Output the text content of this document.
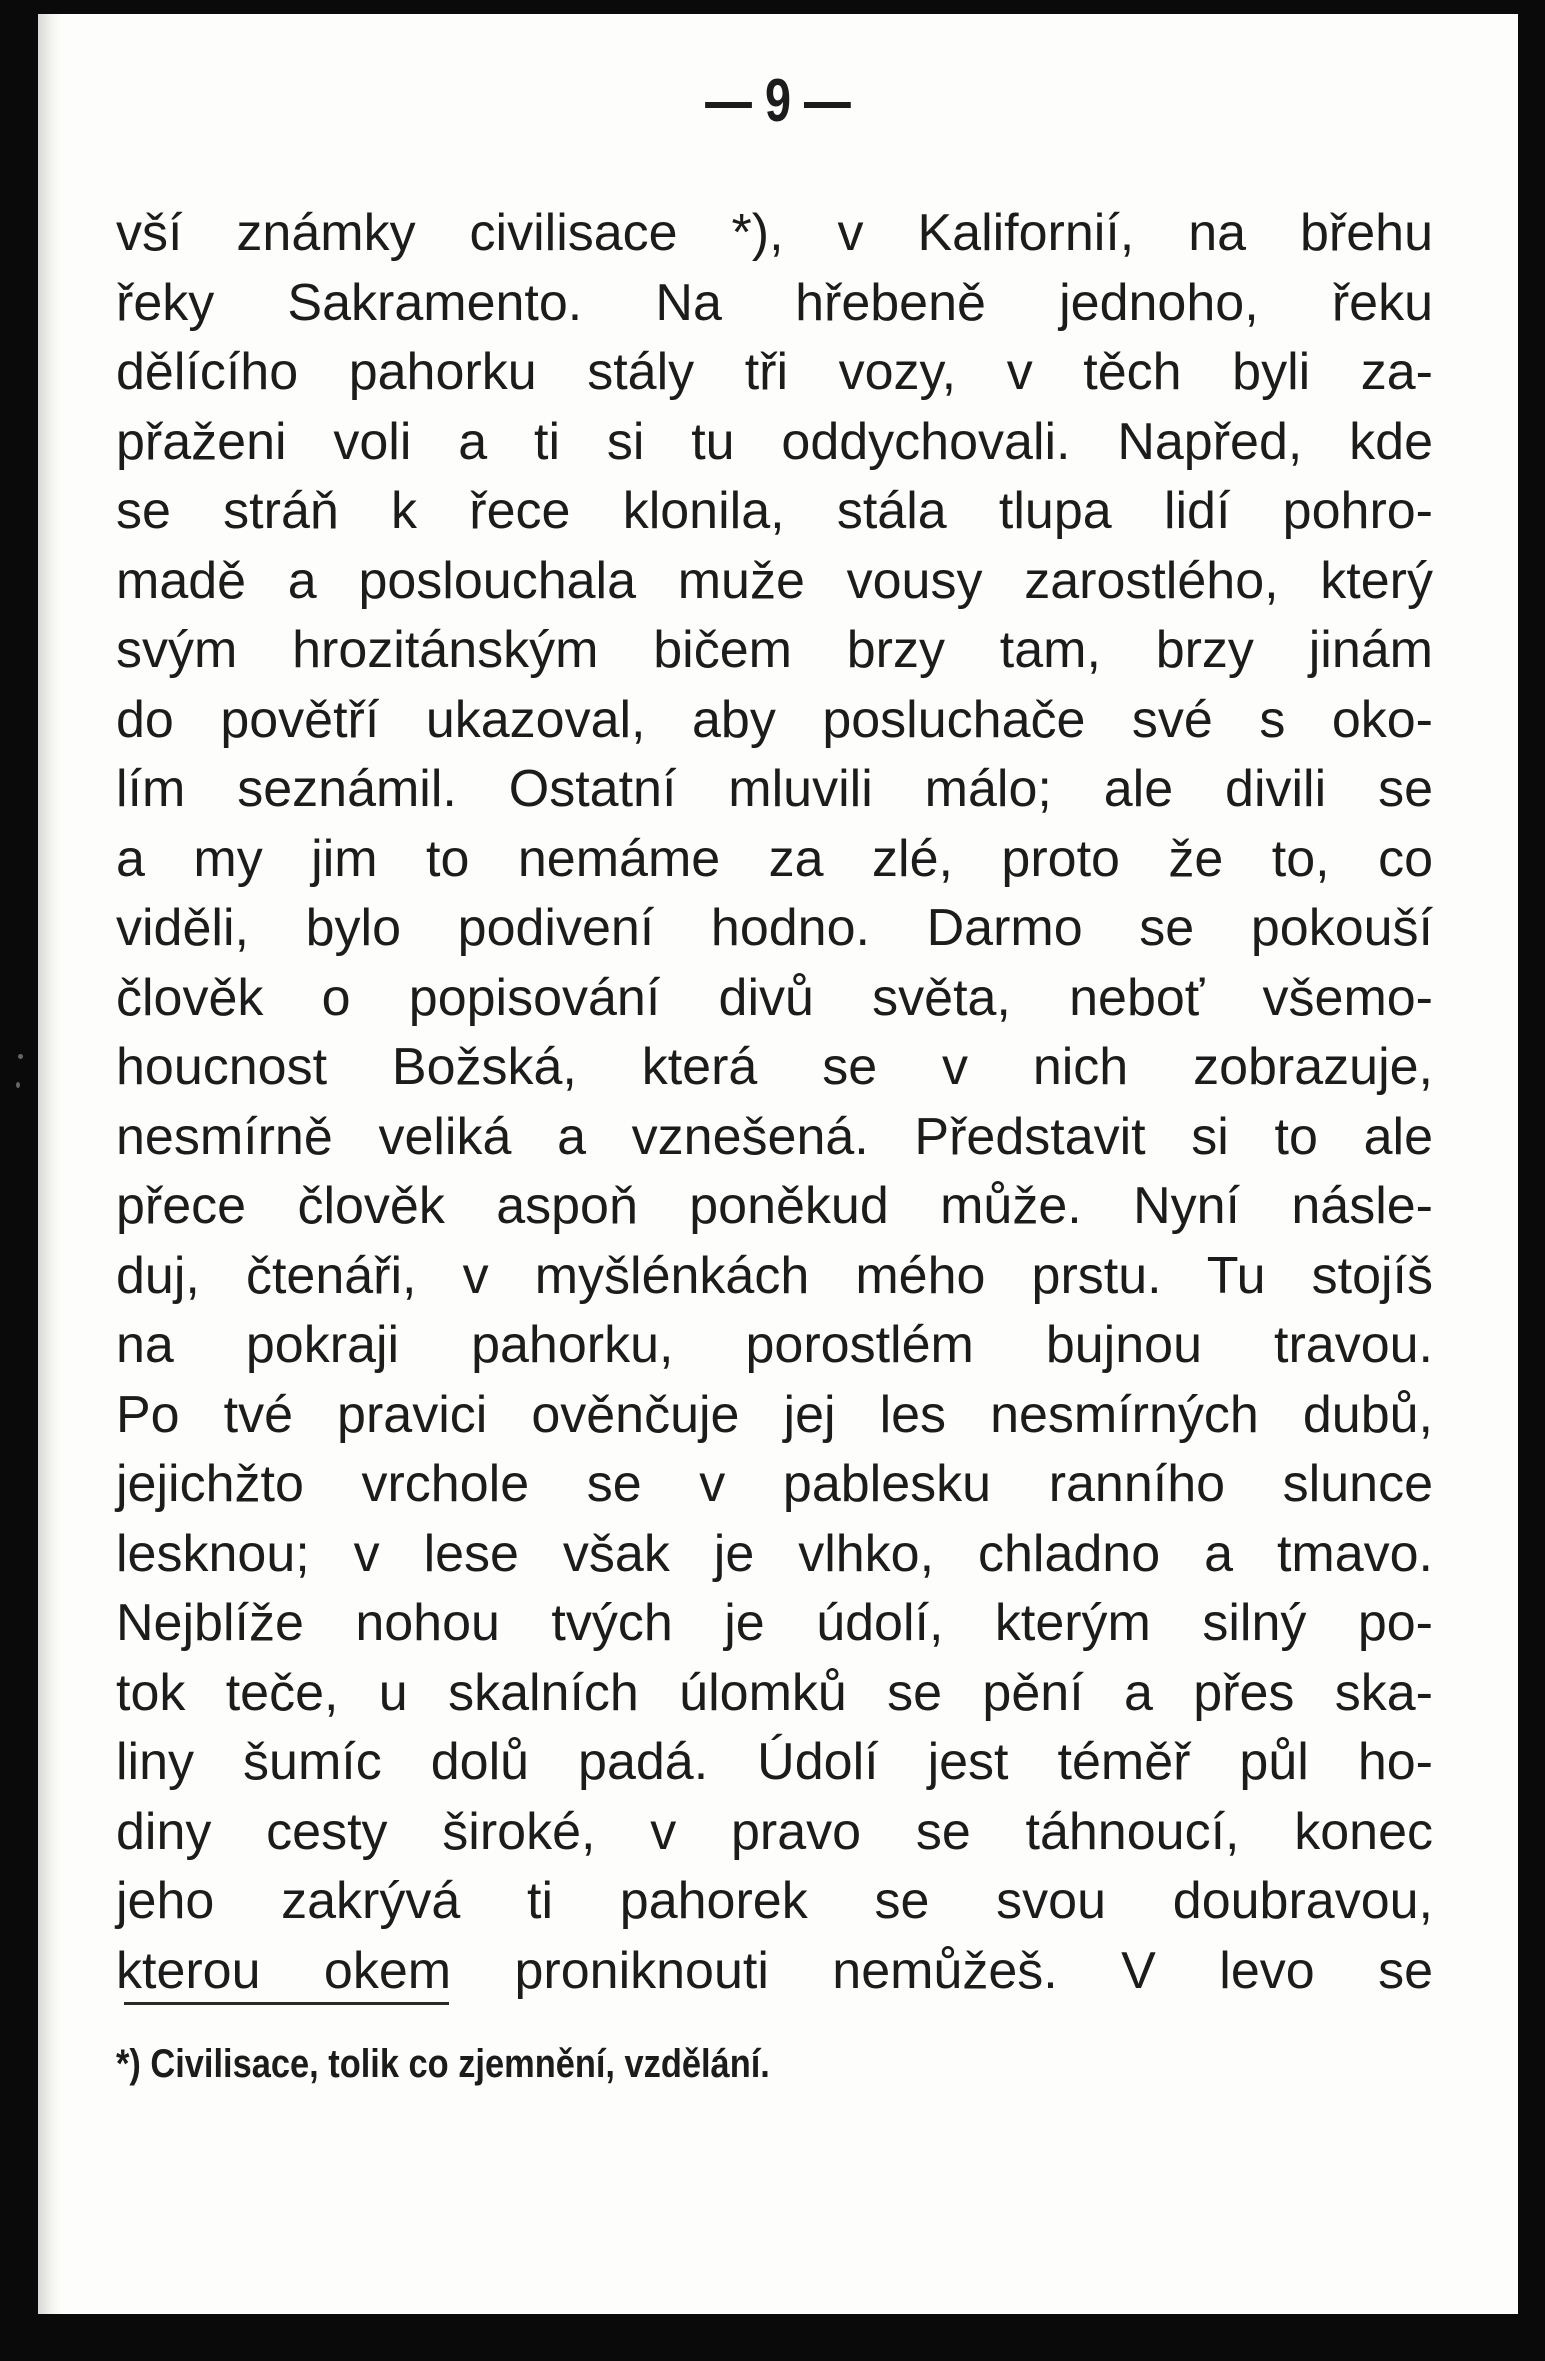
— 9 —
vší známky civilisace *), v Kalifornií, na břehu
řeky Sakramento. Na hřebeně jednoho, řeku
dělícího pahorku stály tři vozy, v těch byli za-
přaženi voli a ti si tu oddychovali. Napřed, kde
se stráň k řece klonila, stála tlupa lidí pohro-
madě a poslouchala muže vousy zarostlého, který
svým hrozitánským bičem brzy tam, brzy jinám
do povětří ukazoval, aby posluchače své s oko-
lím seznámil. Ostatní mluvili málo; ale divili se
a my jim to nemáme za zlé, proto že to, co
viděli, bylo podivení hodno. Darmo se pokouší
člověk o popisování divů světa, neboť všemo-
houcnost Božská, která se v nich zobrazuje,
nesmírně veliká a vznešená. Představit si to ale
přece člověk aspoň poněkud může. Nyní násle-
duj, čtenáři, v myšlénkách mého prstu. Tu stojíš
na pokraji pahorku, porostlém bujnou travou.
Po tvé pravici ověnčuje jej les nesmírných dubů,
jejichžto vrchole se v pablesku ranního slunce
lesknou; v lese však je vlhko, chladno a tmavo.
Nejblíže nohou tvých je údolí, kterým silný po-
tok teče, u skalních úlomků se pění a přes ska-
liny šumíc dolů padá. Údolí jest téměř půl ho-
diny cesty široké, v pravo se táhnoucí, konec
jeho zakrývá ti pahorek se svou doubravou,
kterou okem proniknouti nemůžeš. V levo se
*) Civilisace, tolik co zjemnění, vzdělání.
